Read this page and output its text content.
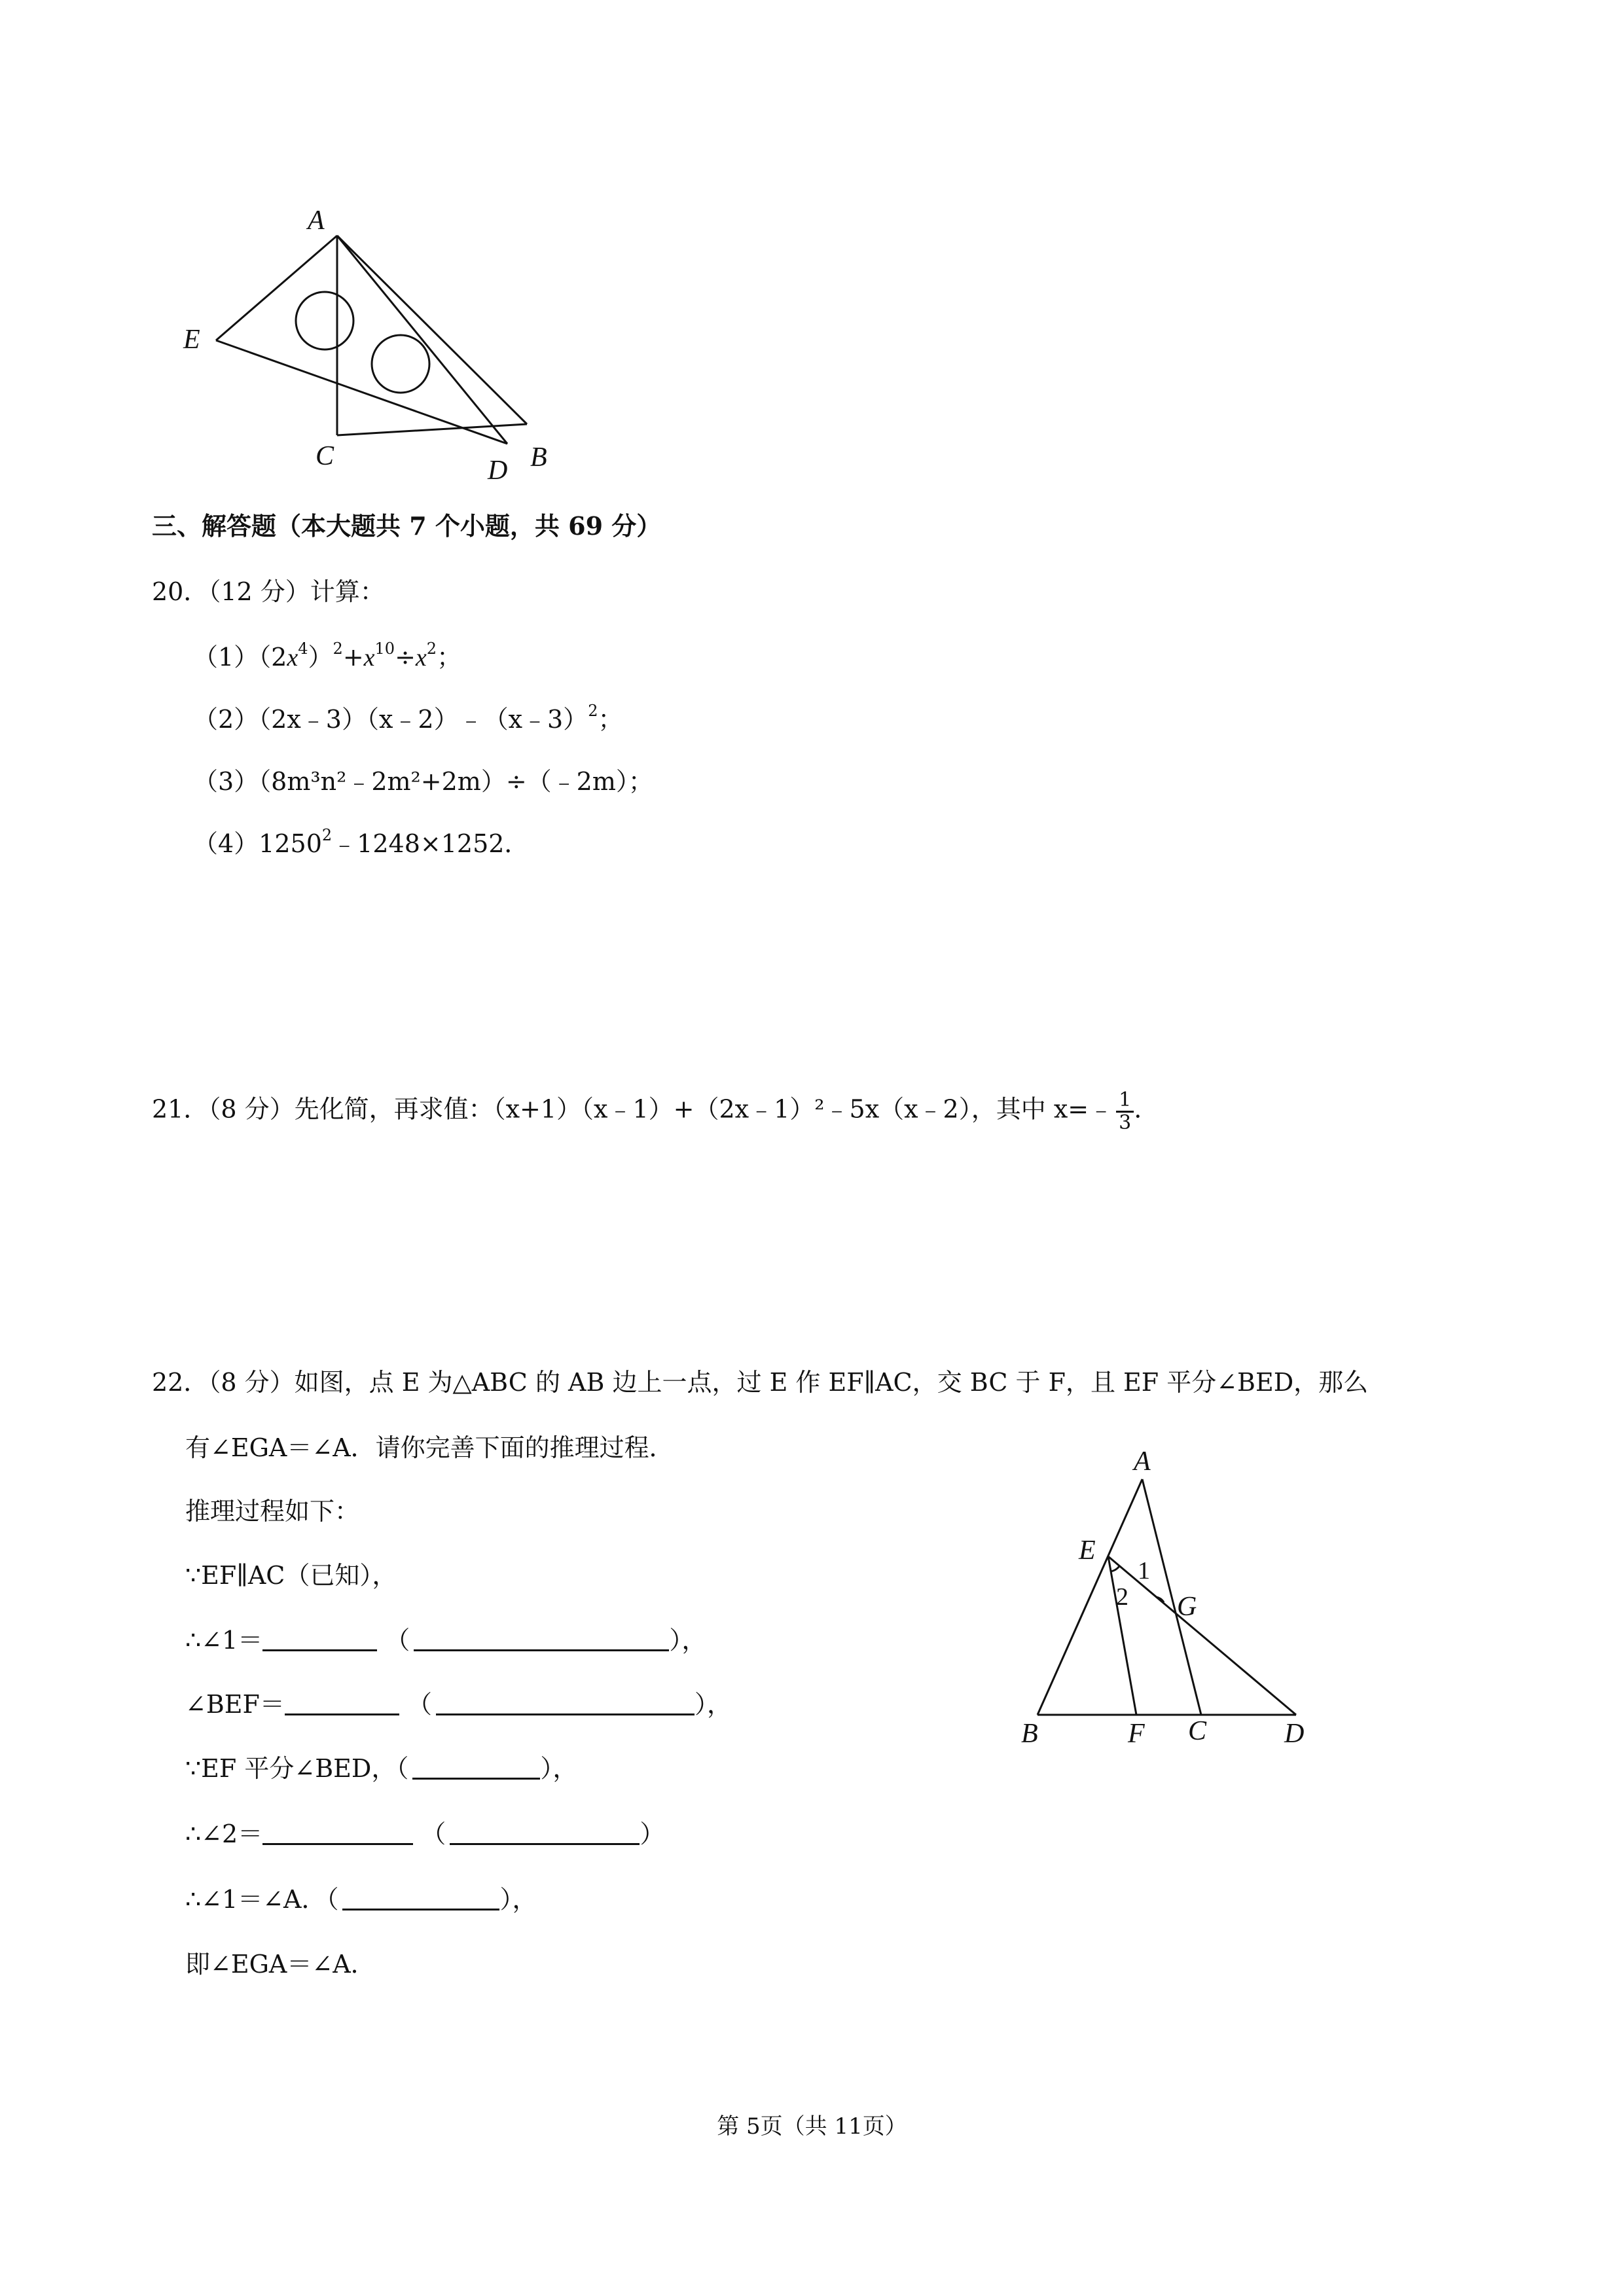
A
E
C	D B
三、解答题（本大题共 7 个小题，共 69 分）
20．（12 分）计算：
$(1)(2x^4)^2+x^{10}\div x^2$；
（2）（2x﹣3）（x﹣2）﹣（x﹣3）$^2$；
（3）（8m³n²﹣2m²+2m）÷（﹣2m）；
$(4)1250^2﹣1248\times 1252$．
21．（8 分）先化简，再求值：（x+1）（x﹣1）+（2x﹣1）²﹣5x（x﹣2），其中 x=﹣ $\frac{1}{3}$ .
22．（8 分）如图，点 E 为△ABC 的 AB 边上一点，过 E 作 EF∥AC，交 BC 于 F，且 EF 平分∠BED，那么
有∠EGA＝∠A．请你完善下面的推理过程．
推理过程如下：
∵EF∥AC（已知），
∴∠1＝	（	），
∠BEF＝	（	），
∵EF 平分∠BED，（	），
∴∠2＝	（	）
∴∠1＝∠A．（	），
即∠EGA＝∠A．
A
E
G
B	F C	D
1
2
第 5页（共 11页）
